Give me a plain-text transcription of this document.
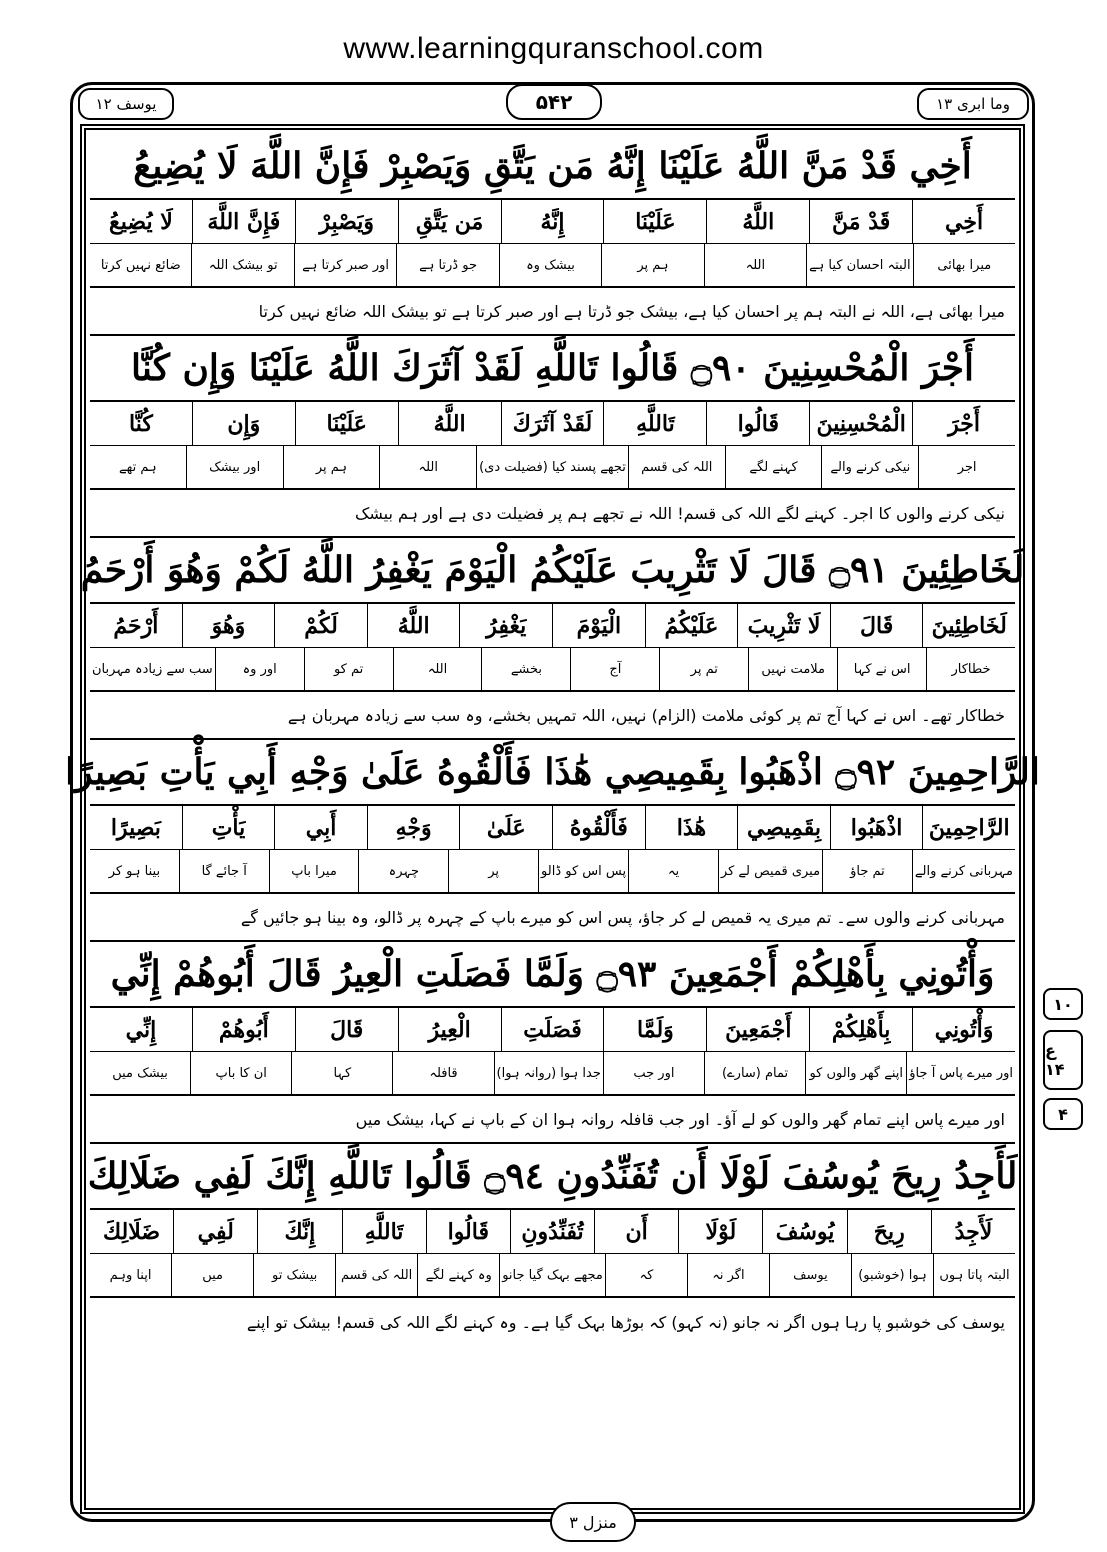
www.learningquranschool.com
یوسف ۱۲	۵۴۲	وما ابری ۱۳
۱۰
ع ۱۴
۴
أَخِي قَدْ مَنَّ اللَّهُ عَلَيْنَا إِنَّهُ مَن يَتَّقِ وَيَصْبِرْ فَإِنَّ اللَّهَ لَا يُضِيعُ
أَخِي
قَدْ مَنَّ
اللَّهُ
عَلَيْنَا
إِنَّهُ
مَن يَتَّقِ
وَيَصْبِرْ
فَإِنَّ اللَّهَ
لَا يُضِيعُ
میرا بھائی
البتہ احسان کیا ہے
اللہ
ہم پر
بیشک وہ
جو ڈرتا ہے
اور صبر کرتا ہے
تو بیشک اللہ
ضائع نہیں کرتا
میرا بھائی ہے، اللہ نے البتہ ہم پر احسان کیا ہے، بیشک جو ڈرتا ہے اور صبر کرتا ہے تو بیشک اللہ ضائع نہیں کرتا
أَجْرَ الْمُحْسِنِينَ ۝٩٠ قَالُوا تَاللَّهِ لَقَدْ آثَرَكَ اللَّهُ عَلَيْنَا وَإِن كُنَّا
أَجْرَ
الْمُحْسِنِينَ
قَالُوا
تَاللَّهِ
لَقَدْ آثَرَكَ
اللَّهُ
عَلَيْنَا
وَإِن
كُنَّا
اجر
نیکی کرنے والے
کہنے لگے
اللہ کی قسم
تجھے پسند کیا (فضیلت دی)
اللہ
ہم پر
اور بیشک
ہم تھے
نیکی کرنے والوں کا اجر۔ کہنے لگے اللہ کی قسم! اللہ نے تجھے ہم پر فضیلت دی ہے اور ہم بیشک
لَخَاطِئِينَ ۝٩١ قَالَ لَا تَثْرِيبَ عَلَيْكُمُ الْيَوْمَ يَغْفِرُ اللَّهُ لَكُمْ وَهُوَ أَرْحَمُ
لَخَاطِئِينَ
قَالَ
لَا تَثْرِيبَ
عَلَيْكُمُ
الْيَوْمَ
يَغْفِرُ
اللَّهُ
لَكُمْ
وَهُوَ
أَرْحَمُ
خطاکار
اس نے کہا
ملامت نہیں
تم پر
آج
بخشے
اللہ
تم کو
اور وہ
سب سے زیادہ مہربان
خطاکار تھے۔ اس نے کہا آج تم پر کوئی ملامت (الزام) نہیں، اللہ تمہیں بخشے، وہ سب سے زیادہ مہربان ہے
الرَّاحِمِينَ ۝٩٢ اذْهَبُوا بِقَمِيصِي هَٰذَا فَأَلْقُوهُ عَلَىٰ وَجْهِ أَبِي يَأْتِ بَصِيرًا
الرَّاحِمِينَ
اذْهَبُوا
بِقَمِيصِي
هَٰذَا
فَأَلْقُوهُ
عَلَىٰ
وَجْهِ
أَبِي
يَأْتِ
بَصِيرًا
مہربانی کرنے والے
تم جاؤ
میری قمیص لے کر
یہ
پس اس کو ڈالو
پر
چہرہ
میرا باپ
آ جائے گا
بینا ہو کر
مہربانی کرنے والوں سے۔ تم میری یہ قمیص لے کر جاؤ، پس اس کو میرے باپ کے چہرہ پر ڈالو، وہ بینا ہو جائیں گے
وَأْتُونِي بِأَهْلِكُمْ أَجْمَعِينَ ۝٩٣ وَلَمَّا فَصَلَتِ الْعِيرُ قَالَ أَبُوهُمْ إِنِّي
وَأْتُونِي
بِأَهْلِكُمْ
أَجْمَعِينَ
وَلَمَّا
فَصَلَتِ
الْعِيرُ
قَالَ
أَبُوهُمْ
إِنِّي
اور میرے پاس آ جاؤ
اپنے گھر والوں کو
تمام (سارے)
اور جب
جدا ہوا (روانہ ہوا)
قافلہ
کہا
ان کا باپ
بیشک میں
اور میرے پاس اپنے تمام گھر والوں کو لے آؤ۔ اور جب قافلہ روانہ ہوا ان کے باپ نے کہا، بیشک میں
لَأَجِدُ رِيحَ يُوسُفَ لَوْلَا أَن تُفَنِّدُونِ ۝٩٤ قَالُوا تَاللَّهِ إِنَّكَ لَفِي ضَلَالِكَ
لَأَجِدُ
رِيحَ
يُوسُفَ
لَوْلَا
أَن
تُفَنِّدُونِ
قَالُوا
تَاللَّهِ
إِنَّكَ
لَفِي
ضَلَالِكَ
البتہ پاتا ہوں
ہوا (خوشبو)
یوسف
اگر نہ
کہ
مجھے بہک گیا جانو
وہ کہنے لگے
اللہ کی قسم
بیشک تو
میں
اپنا وہم
یوسف کی خوشبو پا رہا ہوں اگر نہ جانو (نہ کہو) کہ بوڑھا بہک گیا ہے۔ وہ کہنے لگے اللہ کی قسم! بیشک تو اپنے
منزل ۳
